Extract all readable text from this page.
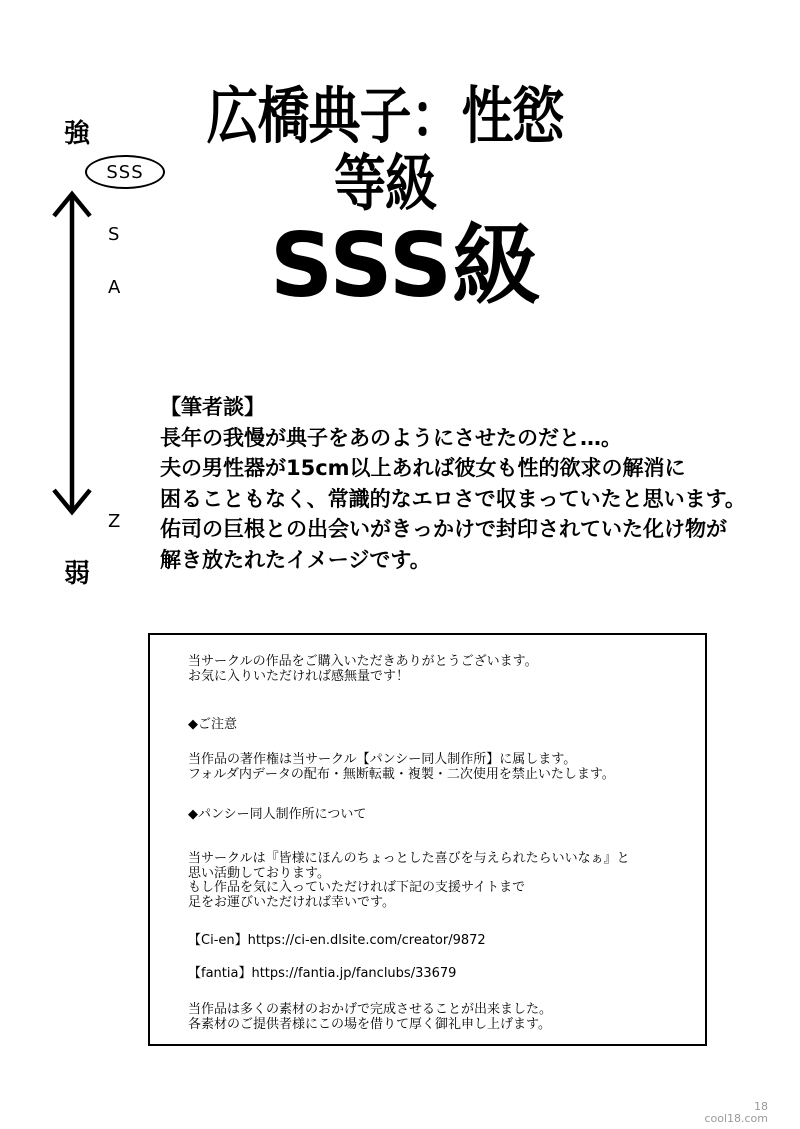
広橋典子：性慾等級
SSS級
強
SSS
S
A
Z
弱

【筆者談】

長年の我慢が典子をあのようにさせたのだと…。

夫の男性器が15cm以上あれば彼女も性的欲求の解消に

困ることもなく、常識的なエロさで収まっていたと思います。

佑司の巨根との出会いがきっかけで封印されていた化け物が

解き放たれたイメージです。

当サークルの作品をご購入いただきありがとうございます。

お気に入りいただければ感無量です！

◆ご注意

当作品の著作権は当サークル【パンシー同人制作所】に属します。

フォルダ内データの配布・無断転載・複製・二次使用を禁止いたします。

◆パンシー同人制作所について

当サークルは『皆様にほんのちょっとした喜びを与えられたらいいなぁ』と

思い活動しております。

もし作品を気に入っていただければ下記の支援サイトまで

足をお運びいただければ幸いです。

【Ci-en】https://ci-en.dlsite.com/creator/9872
【fantia】https://fantia.jp/fanclubs/33679

当作品は多くの素材のおかげで完成させることが出来ました。

各素材のご提供者様にこの場を借りて厚く御礼申し上げます。

18
cool18.com
